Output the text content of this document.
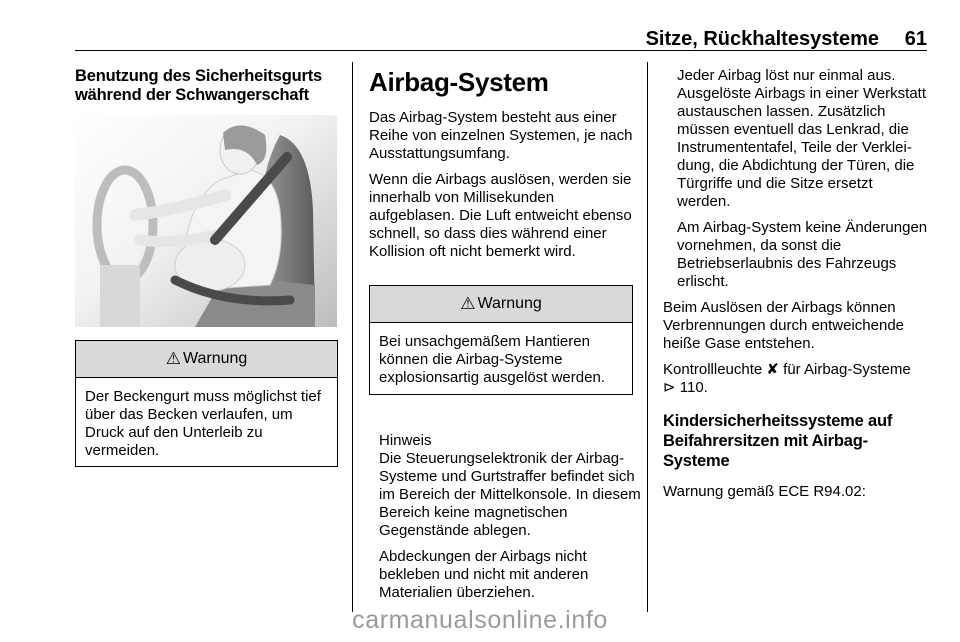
Sitze, Rückhaltesysteme 61

Benutzung des Sicherheitsgurts während der Schwangerschaft

⚠ Warnung
Der Beckengurt muss möglichst tief über das Becken verlaufen, um Druck auf den Unterleib zu vermeiden.

Airbag-System

Das Airbag-System besteht aus einer Reihe von einzelnen Systemen, je nach Ausstattungsumfang.

Wenn die Airbags auslösen, werden sie innerhalb von Millisekunden aufgeblasen. Die Luft entweicht ebenso schnell, so dass dies während einer Kollision oft nicht bemerkt wird.

⚠ Warnung
Bei unsachgemäßem Hantieren können die Airbag-Systeme explosionsartig ausgelöst werden.

Hinweis

Die Steuerungselektronik der Airbag-Systeme und Gurtstraffer befindet sich im Bereich der Mittelkonsole. In diesem Bereich keine magnetischen Gegenstände ablegen.

Abdeckungen der Airbags nicht bekleben und nicht mit anderen Materialien überziehen.

Jeder Airbag löst nur einmal aus. Ausgelöste Airbags in einer Werkstatt austauschen lassen. Zusätzlich müssen eventuell das Lenkrad, die Instrumententafel, Teile der Verkleidung, die Abdichtung der Türen, die Türgriffe und die Sitze ersetzt werden.

Am Airbag-System keine Änderungen vornehmen, da sonst die Betriebserlaubnis des Fahrzeugs erlischt.

Beim Auslösen der Airbags können Verbrennungen durch entweichende heiße Gase entstehen.

Kontrollleuchte ✘ für Airbag-Systeme
⊳ 110.

Kindersicherheitssysteme auf Beifahrersitzen mit Airbag-Systeme

Warnung gemäß ECE R94.02:

carmanualsonline.info
